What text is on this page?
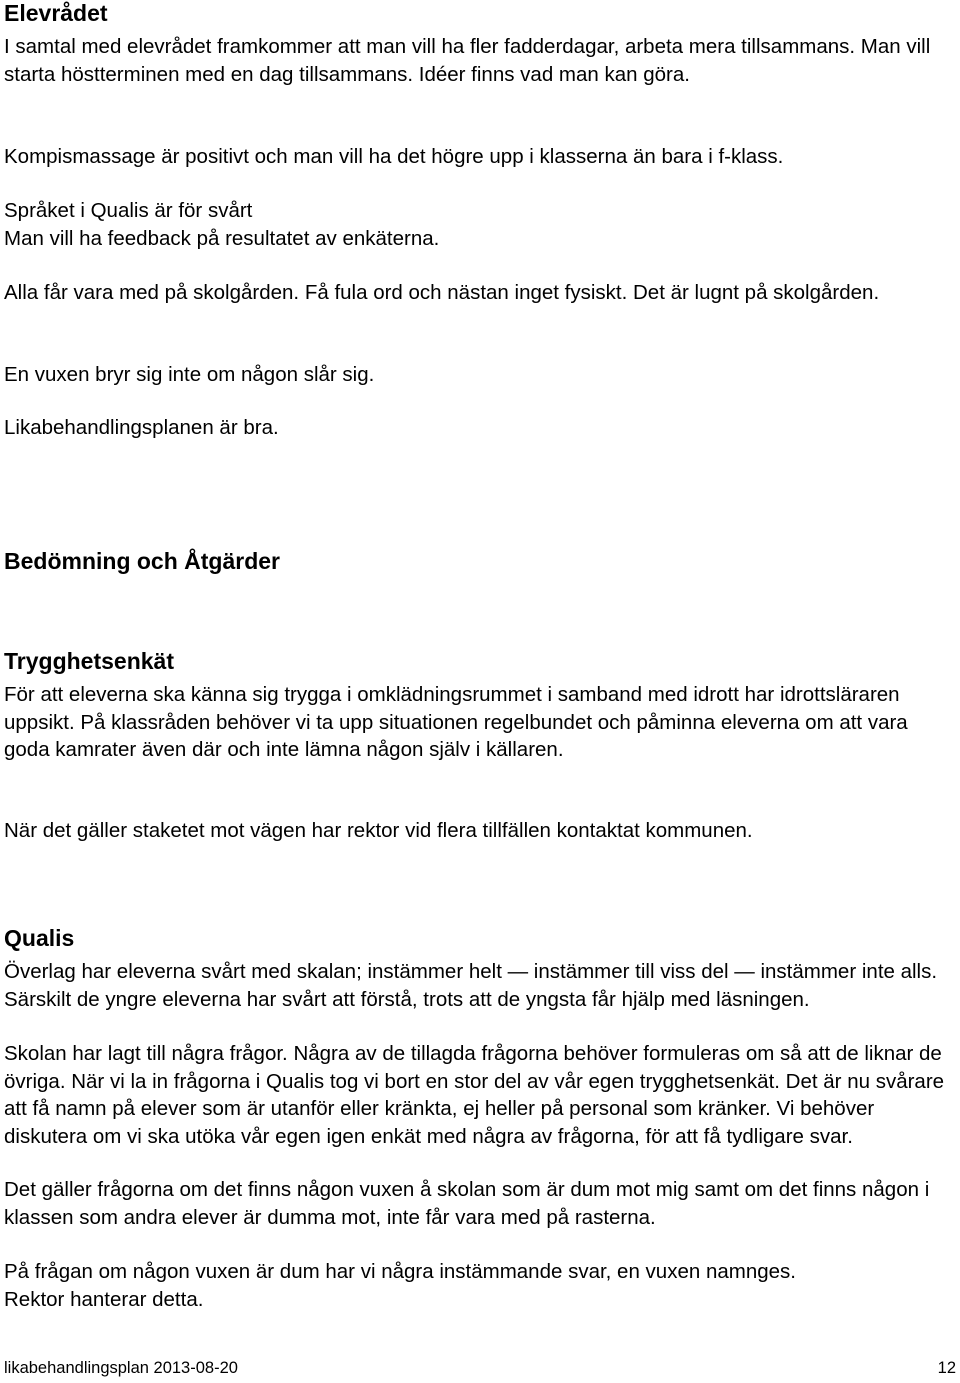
Elevrådet

I samtal med elevrådet framkommer att man vill ha fler fadderdagar, arbeta mera tillsammans. Man vill starta höstterminen med en dag tillsammans. Idéer finns vad man kan göra.

Kompismassage är positivt och man vill ha det högre upp i klasserna än bara i f-klass.

Språket i Qualis är för svårt
Man vill ha feedback på resultatet av enkäterna.

Alla får vara med på skolgården. Få fula ord och nästan inget fysiskt. Det är lugnt på skolgården.

En vuxen bryr sig inte om någon slår sig.

Likabehandlingsplanen är bra.

Bedömning och Åtgärder
Trygghetsenkät

För att eleverna ska känna sig trygga i omklädningsrummet i samband med idrott har idrottsläraren uppsikt. På klassråden behöver vi ta upp situationen regelbundet och påminna eleverna om att vara goda kamrater även där och inte lämna någon själv i källaren.

När det gäller staketet mot vägen har rektor vid flera tillfällen kontaktat kommunen.

Qualis

Överlag har eleverna svårt med skalan; instämmer helt — instämmer till viss del — instämmer inte alls. Särskilt de yngre eleverna har svårt att förstå, trots att de yngsta får hjälp med läsningen.

Skolan har lagt till några frågor. Några av de tillagda frågorna behöver formuleras om så att de liknar de övriga. När vi la in frågorna i Qualis tog vi bort en stor del av vår egen trygghetsenkät. Det är nu svårare att få namn på elever som är utanför eller kränkta, ej heller på personal som kränker. Vi behöver diskutera om vi ska utöka vår egen igen enkät med några av frågorna, för att få tydligare svar.

Det gäller frågorna om det finns någon vuxen å skolan som är dum mot mig samt om det finns någon i klassen som andra elever är dumma mot, inte får vara med på rasterna.

På frågan om någon vuxen är dum har vi några instämmande svar, en vuxen namnges.
Rektor hanterar detta.
likabehandlingsplan 2013-08-20	12
